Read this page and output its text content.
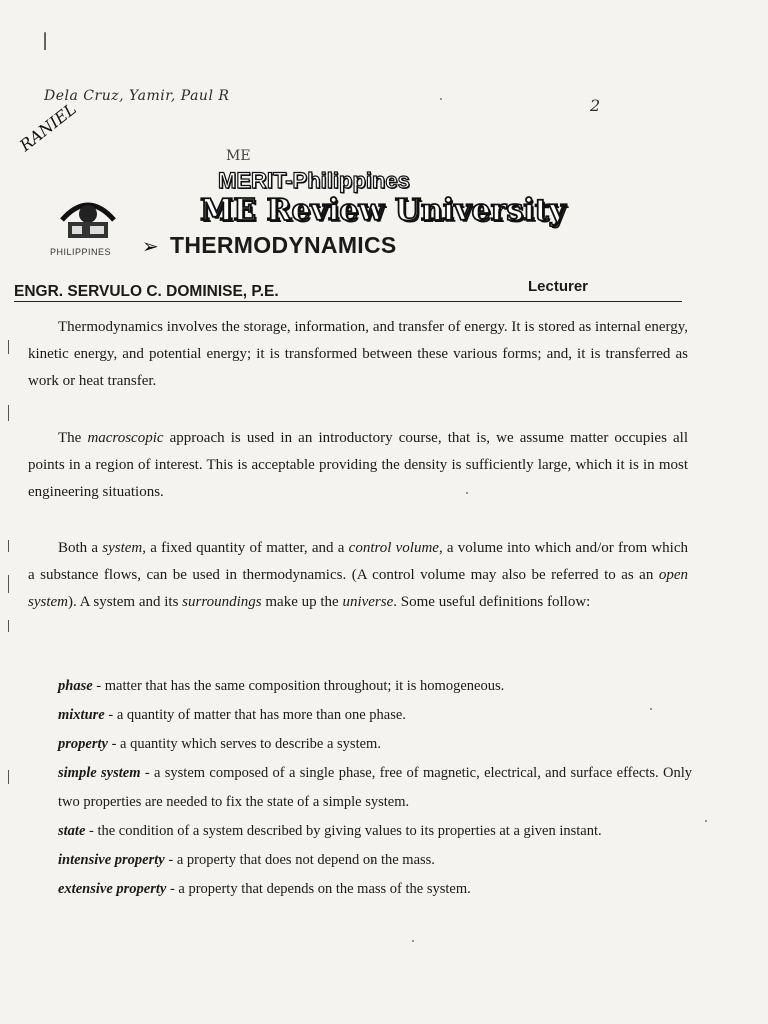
|
Dela Cruz, Yamir, Paul R	2
RANIEL
PHILIPPINES
ME
MERIT-Philippines
ME Review University
➢ THERMODYNAMICS
ENGR. SERVULO C. DOMINISE, P.E.	Lecturer
Thermodynamics involves the storage, information, and transfer of energy. It is stored as internal energy, kinetic energy, and potential energy; it is transformed between these various forms; and, it is transferred as work or heat transfer.
The macroscopic approach is used in an introductory course, that is, we assume matter occupies all points in a region of interest. This is acceptable providing the density is sufficiently large, which it is in most engineering situations.
Both a system, a fixed quantity of matter, and a control volume, a volume into which and/or from which a substance flows, can be used in thermodynamics. (A control volume may also be referred to as an open system). A system and its surroundings make up the universe. Some useful definitions follow:
phase - matter that has the same composition throughout; it is homogeneous.
mixture - a quantity of matter that has more than one phase.
property - a quantity which serves to describe a system.
simple system - a system composed of a single phase, free of magnetic, electrical, and surface effects. Only two properties are needed to fix the state of a simple system.
state - the condition of a system described by giving values to its properties at a given instant.
intensive property - a property that does not depend on the mass.
extensive property - a property that depends on the mass of the system.
